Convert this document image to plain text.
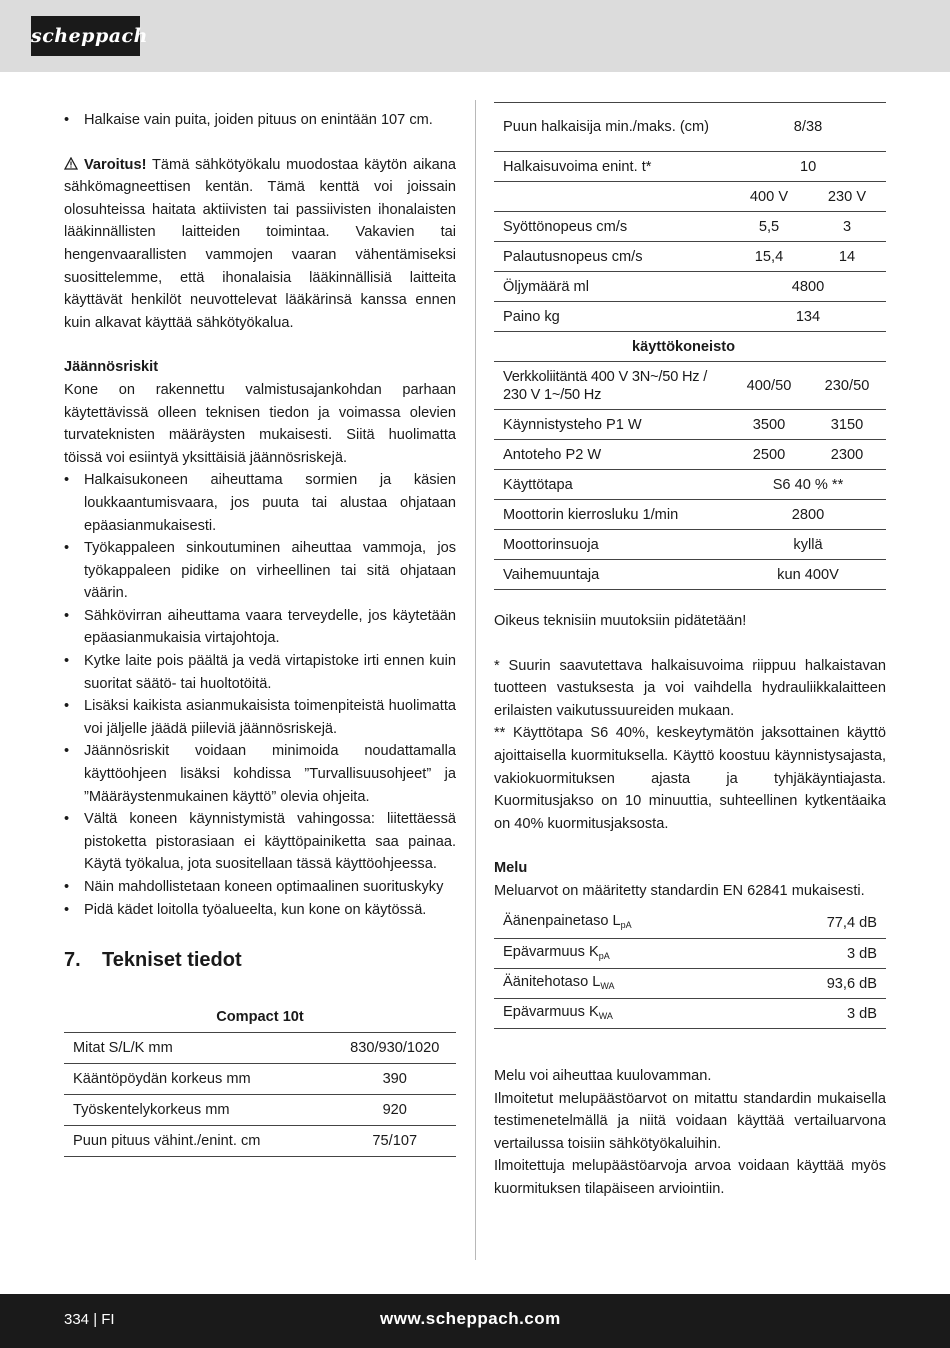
scheppach
• Halkaise vain puita, joiden pituus on enintään 107 cm.

Varoitus! Tämä sähkötyökalu muodostaa käytön aikana sähkömagneettisen kentän. Tämä kenttä voi joissain olosuhteissa haitata aktiivisten tai passiivisten ihonalaisten lääkinnällisten laitteiden toimintaa. Vakavien tai hengenvaarallisten vammojen vaaran vähentämiseksi suosittelemme, että ihonalaisia lääkinnällisiä laitteita käyttävät henkilöt neuvottelevat lääkärinsä kanssa ennen kuin alkavat käyttää sähkötyökalua.

Jäännösriskit

Kone on rakennettu valmistusajankohdan parhaan käytettävissä olleen teknisen tiedon ja voimassa olevien turvateknisten määräysten mukaisesti. Siitä huolimatta töissä voi esiintyä yksittäisiä jäännösriskejä.

• Halkaisukoneen aiheuttama sormien ja käsien loukkaantumisvaara, jos puuta tai alustaa ohjataan epäasianmukaisesti.
• Työkappaleen sinkoutuminen aiheuttaa vammoja, jos työkappaleen pidike on virheellinen tai sitä ohjataan väärin.
• Sähkövirran aiheuttama vaara terveydelle, jos käytetään epäasianmukaisia virtajohtoja.
• Kytke laite pois päältä ja vedä virtapistoke irti ennen kuin suoritat säätö- tai huoltotöitä.
• Lisäksi kaikista asianmukaisista toimenpiteistä huolimatta voi jäljelle jäädä piileviä jäännösriskejä.
• Jäännösriskit voidaan minimoida noudattamalla käyttöohjeen lisäksi kohdissa ”Turvallisuusohjeet” ja ”Määräystenmukainen käyttö” olevia ohjeita.
• Vältä koneen käynnistymistä vahingossa: liitettäessä pistoketta pistorasiaan ei käyttöpainiketta saa painaa. Käytä työkalua, jota suositellaan tässä käyttöohjeessa.
• Näin mahdollistetaan koneen optimaalinen suorituskyky
• Pidä kädet loitolla työalueelta, kun kone on käytössä.
7. Tekniset tiedot
Compact 10t	
Mitat S/L/K mm	830/930/1020
Kääntöpöydän korkeus mm	390
Työskentelykorkeus mm	920
Puun pituus vähint./enint. cm	75/107
Puun halkaisija min./maks. (cm)	8/38	
Halkaisuvoima enint. t*	10	
	400 V	230 V
Syöttönopeus cm/s	5,5	3
Palautusnopeus cm/s	15,4	14
Öljymäärä ml	4800	
Paino kg	134	
käyttökoneisto		
Verkkoliitäntä 400 V 3N~/50 Hz / 230 V 1~/50 Hz	400/50	230/50
Käynnistysteho P1 W	3500	3150
Antoteho P2 W	2500	2300
Käyttötapa	S6 40 % **	
Moottorin kierrosluku 1/min	2800	
Moottorinsuoja	kyllä	
Vaihemuuntaja	kun 400V	

Oikeus teknisiin muutoksiin pidätetään!

* Suurin saavutettava halkaisuvoima riippuu halkaistavan tuotteen vastuksesta ja voi vaihdella hydrauliikkalaitteen erilaisten vaikutussuureiden mukaan.

** Käyttötapa S6 40%, keskeytymätön jaksottainen käyttö ajoittaisella kuormituksella. Käyttö koostuu käynnistysajasta, vakiokuormituksen ajasta ja tyhjäkäyntiajasta. Kuormitusjakso on 10 minuuttia, suhteellinen kytkentäaika on 40% kuormitusjaksosta.

Melu

Meluarvot on määritetty standardin EN 62841 mukaisesti.

Äänenpainetaso $L_{pA}$	77,4 dB
Epävarmuus $K_{pA}$	3 dB
Äänitehotaso $L_{WA}$	93,6 dB
Epävarmuus $K_{WA}$	3 dB

Melu voi aiheuttaa kuulovamman.

Ilmoitetut melupäästöarvot on mitattu standardin mukaisella testimenetelmällä ja niitä voidaan käyttää vertailuarvona vertailussa toisiin sähkötyökaluihin.

Ilmoitettuja melupäästöarvoja arvoa voidaan käyttää myös kuormituksen tilapäiseen arviointiin.

334 | FI	www.scheppach.com
